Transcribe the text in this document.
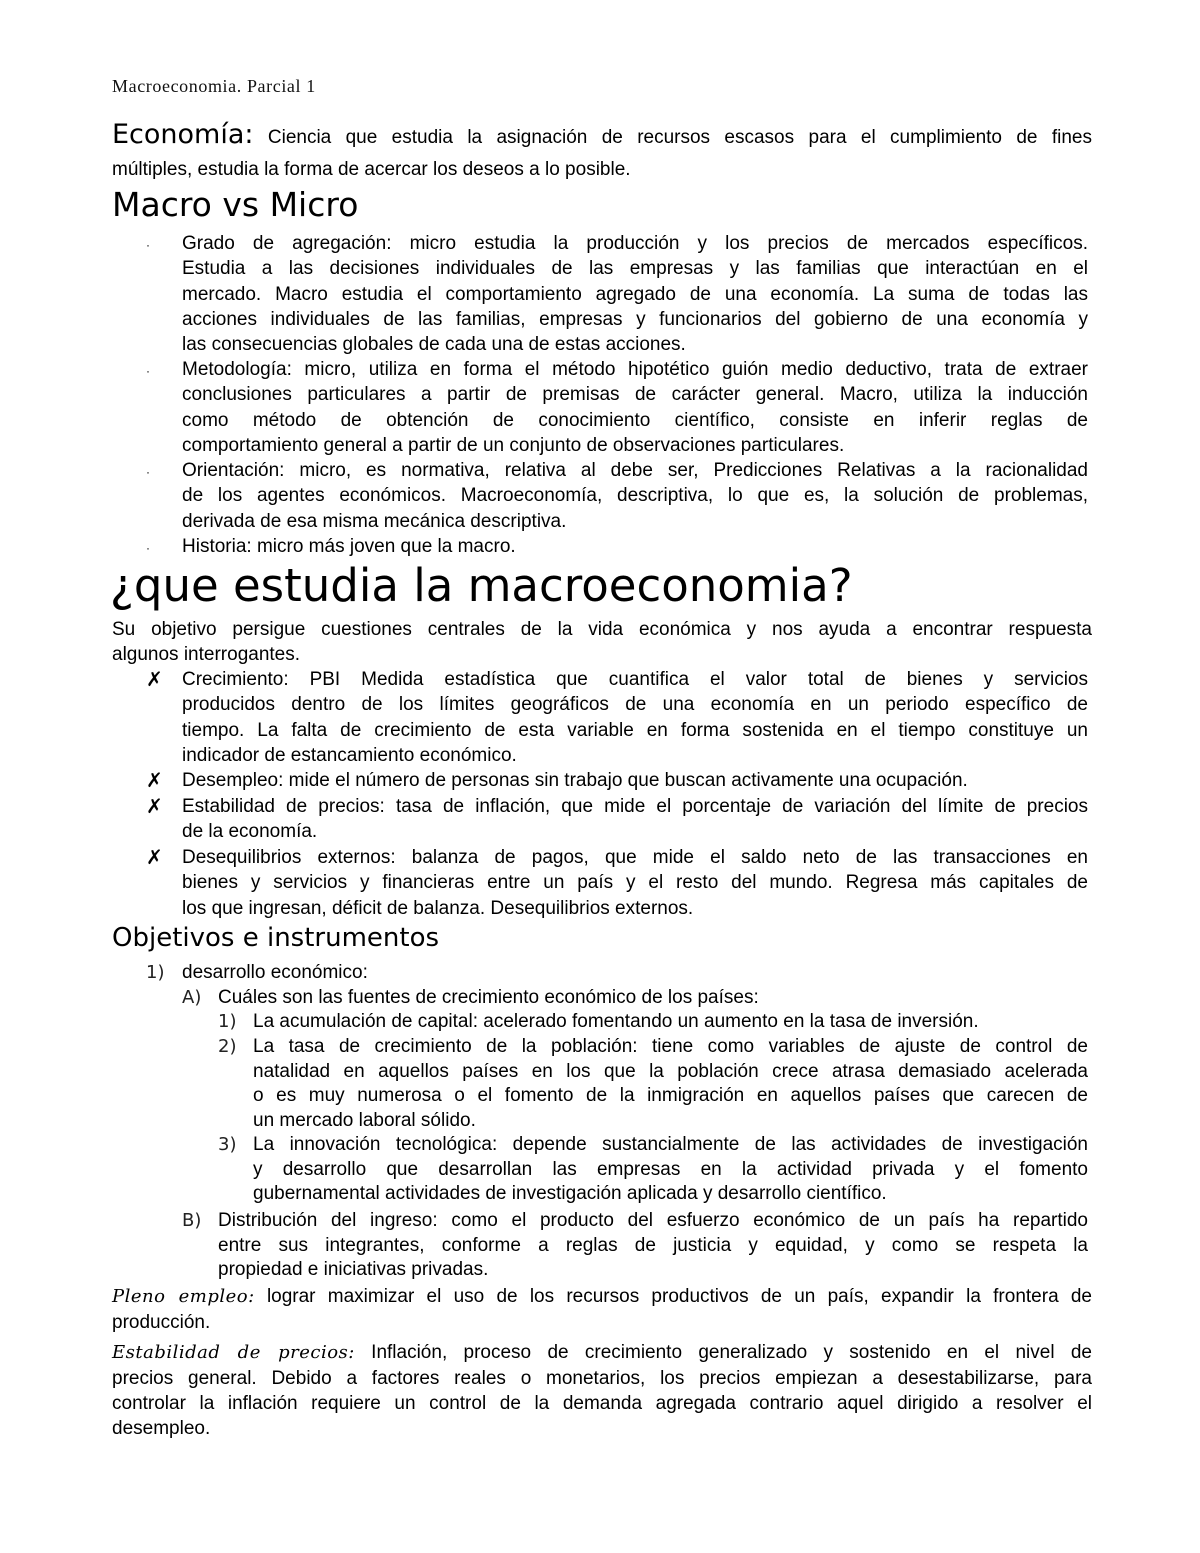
Macroeconomia. Parcial 1
Economía: Ciencia que estudia la asignación de recursos escasos para el cumplimiento de fines
múltiples, estudia la forma de acercar los deseos a lo posible.
Macro vs Micro
· Grado de agregación: micro estudia la producción y los precios de mercados específicos.
Estudia a las decisiones individuales de las empresas y las familias que interactúan en el
mercado. Macro estudia el comportamiento agregado de una economía. La suma de todas las
acciones individuales de las familias, empresas y funcionarios del gobierno de una economía y
las consecuencias globales de cada una de estas acciones.
· Metodología: micro, utiliza en forma el método hipotético guión medio deductivo, trata de extraer
conclusiones particulares a partir de premisas de carácter general. Macro, utiliza la inducción
como método de obtención de conocimiento científico, consiste en inferir reglas de
comportamiento general a partir de un conjunto de observaciones particulares.
· Orientación: micro, es normativa, relativa al debe ser, Predicciones Relativas a la racionalidad
de los agentes económicos. Macroeconomía, descriptiva, lo que es, la solución de problemas,
derivada de esa misma mecánica descriptiva.
· Historia: micro más joven que la macro.
¿que estudia la macroeconomia?
Su objetivo persigue cuestiones centrales de la vida económica y nos ayuda a encontrar respuesta
algunos interrogantes.
✗ Crecimiento: PBI Medida estadística que cuantifica el valor total de bienes y servicios
producidos dentro de los límites geográficos de una economía en un periodo específico de
tiempo. La falta de crecimiento de esta variable en forma sostenida en el tiempo constituye un
indicador de estancamiento económico.
✗ Desempleo: mide el número de personas sin trabajo que buscan activamente una ocupación.
✗ Estabilidad de precios: tasa de inflación, que mide el porcentaje de variación del límite de precios
de la economía.
✗ Desequilibrios externos: balanza de pagos, que mide el saldo neto de las transacciones en
bienes y servicios y financieras entre un país y el resto del mundo. Regresa más capitales de
los que ingresan, déficit de balanza. Desequilibrios externos.
Objetivos e instrumentos
1) desarrollo económico:
A) Cuáles son las fuentes de crecimiento económico de los países:
1) La acumulación de capital: acelerado fomentando un aumento en la tasa de inversión.
2) La tasa de crecimiento de la población: tiene como variables de ajuste de control de
natalidad en aquellos países en los que la población crece atrasa demasiado acelerada
o es muy numerosa o el fomento de la inmigración en aquellos países que carecen de
un mercado laboral sólido.
3) La innovación tecnológica: depende sustancialmente de las actividades de investigación
y desarrollo que desarrollan las empresas en la actividad privada y el fomento
gubernamental actividades de investigación aplicada y desarrollo científico.
B) Distribución del ingreso: como el producto del esfuerzo económico de un país ha repartido
entre sus integrantes, conforme a reglas de justicia y equidad, y como se respeta la
propiedad e iniciativas privadas.
Pleno empleo: lograr maximizar el uso de los recursos productivos de un país, expandir la frontera de
producción.
Estabilidad de precios: Inflación, proceso de crecimiento generalizado y sostenido en el nivel de
precios general. Debido a factores reales o monetarios, los precios empiezan a desestabilizarse, para
controlar la inflación requiere un control de la demanda agregada contrario aquel dirigido a resolver el
desempleo.
